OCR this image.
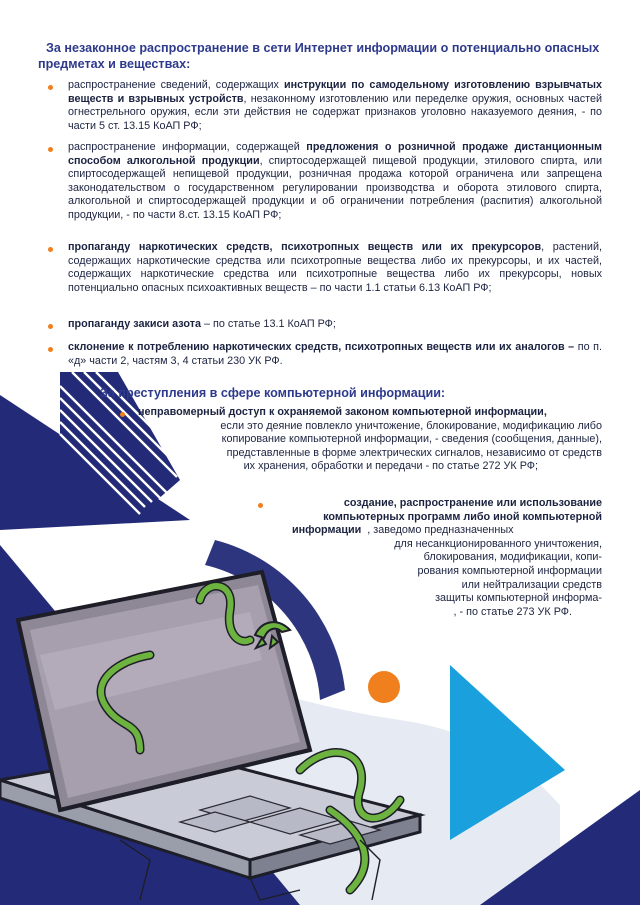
За незаконное распространение в сети Интернет информации о потенциально опасных предметах и веществах:
распространение сведений, содержащих инструкции по самодельному изготовлению взрывчатых веществ и взрывных устройств, незаконному изготовлению или переделке оружия, основных частей огнестрельного оружия, если эти действия не содержат признаков уголовно наказуемого деяния, - по части 5 ст. 13.15 КоАП РФ;
распространение информации, содержащей предложения о розничной продаже дистанционным способом алкогольной продукции, спиртосодержащей пищевой продукции, этилового спирта, или спиртосодержащей непищевой продукции, розничная продажа которой ограничена или запрещена законодательством о государственном регулировании производства и оборота этилового спирта, алкогольной и спиртосодержащей продукции и об ограничении потребления (распития) алкогольной продукции, - по части 8.ст. 13.15 КоАП РФ;
пропаганду наркотических средств, психотропных веществ или их прекурсоров, растений, содержащих наркотические средства или психотропные вещества либо их прекурсоры, и их частей, содержащих наркотические средства или психотропные вещества либо их прекурсоры, новых потенциально опасных психоактивных веществ – по части 1.1 статьи 6.13 КоАП РФ;
пропаганду закиси азота – по статье 13.1 КоАП РФ;
склонение к потреблению наркотических средств, психотропных веществ или их аналогов – по п. «д» части 2, частям 3, 4 статьи 230 УК РФ.
За преступления в сфере компьютерной информации:
неправомерный доступ к охраняемой законом компьютерной информации,
если это деяние повлекло уничтожение, блокирование, модификацию либо
копирование компьютерной информации, - сведения (сообщения, данные),
представленные в форме электрических сигналов, независимо от средств
их хранения, обработки и передачи - по статье 272 УК РФ;
создание, распространение или использование
компьютерных программ либо иной компьютерной
информации , заведомо предназначенных
для несанкционированного уничтожения,
блокирования, модификации, копи-
рования компьютерной информации
или нейтрализации средств
защиты компьютерной информа-
, - по статье 273 УК РФ.
